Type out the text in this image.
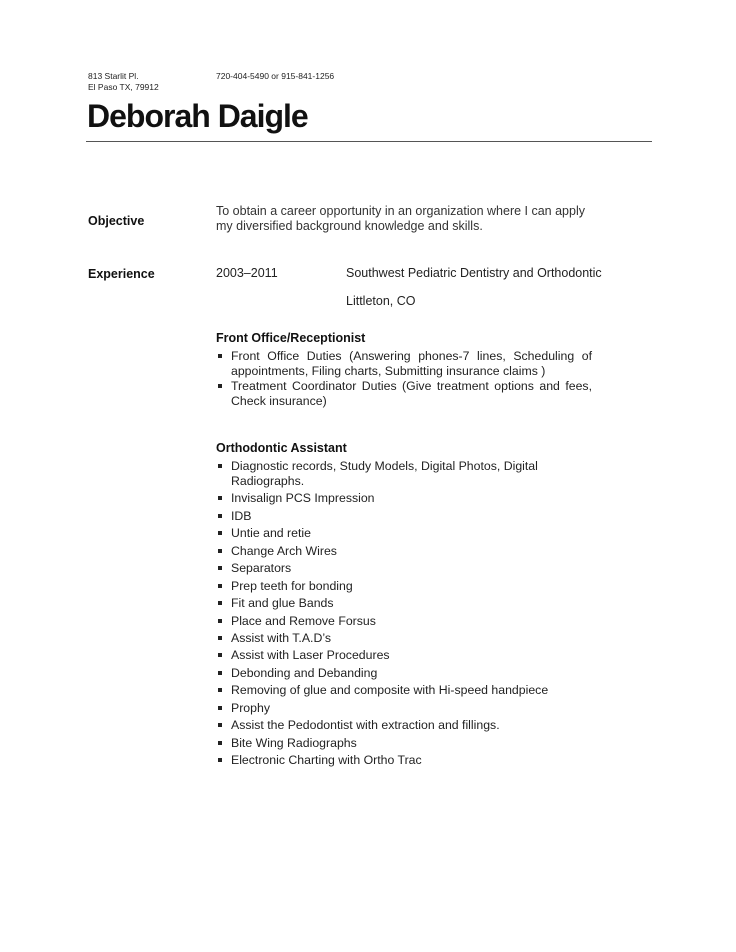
813 Starlit Pl.
El Paso TX, 79912
720-404-5490 or 915-841-1256
Deborah Daigle
Objective
To obtain a career opportunity in an organization where I can apply my diversified background knowledge and skills.
Experience	2003–2011	Southwest Pediatric Dentistry and Orthodontic
Littleton, CO
Front Office/Receptionist
Front Office Duties (Answering phones-7 lines, Scheduling of appointments, Filing charts, Submitting insurance claims )
Treatment Coordinator Duties (Give treatment options and fees, Check insurance)
Orthodontic Assistant
Diagnostic records, Study Models, Digital Photos, Digital Radiographs.
Invisalign PCS Impression
IDB
Untie and retie
Change Arch Wires
Separators
Prep teeth for bonding
Fit and glue Bands
Place and Remove Forsus
Assist with T.A.D’s
Assist with Laser Procedures
Debonding and Debanding
Removing of glue and composite with Hi-speed handpiece
Prophy
Assist the Pedodontist with extraction and fillings.
Bite Wing Radiographs
Electronic Charting with Ortho Trac
